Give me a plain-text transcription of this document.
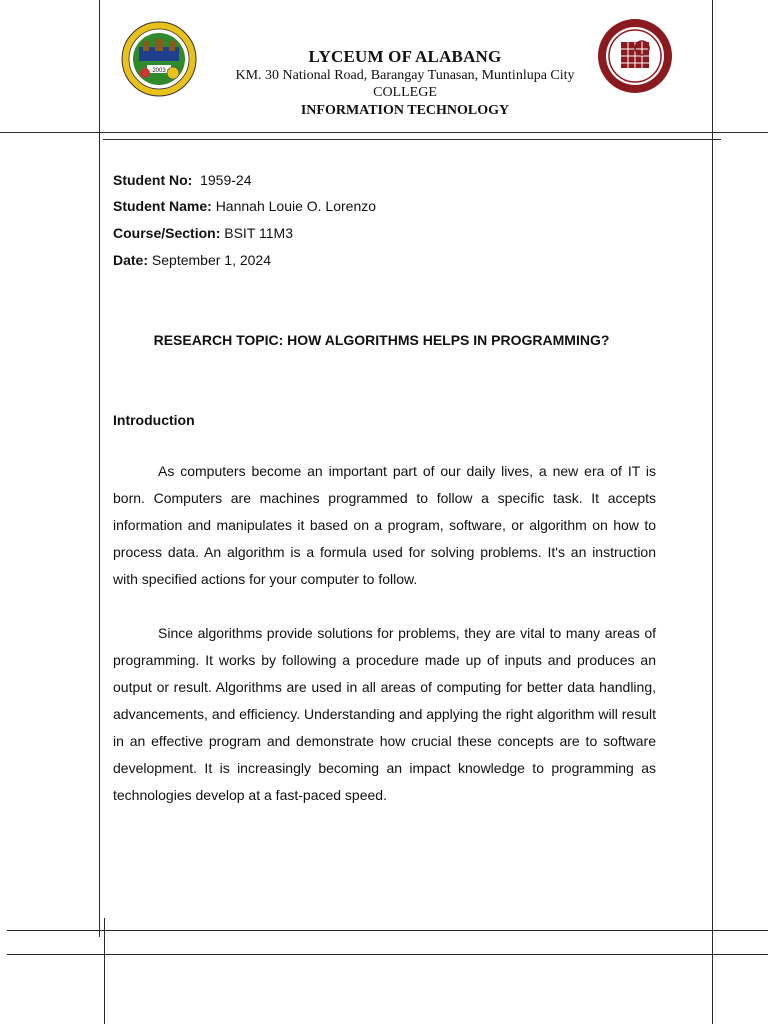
2003
LYCEUM OF ALABANG
KM. 30 National Road, Barangay Tunasan, Muntinlupa City
COLLEGE
INFORMATION TECHNOLOGY
Student No: 1959-24
Student Name: Hannah Louie O. Lorenzo
Course/Section: BSIT 11M3
Date: September 1, 2024
RESEARCH TOPIC: HOW ALGORITHMS HELPS IN PROGRAMMING?
Introduction

As computers become an important part of our daily lives, a new era of IT is born. Computers are machines programmed to follow a specific task. It accepts information and manipulates it based on a program, software, or algorithm on how to process data. An algorithm is a formula used for solving problems. It's an instruction with specified actions for your computer to follow.

Since algorithms provide solutions for problems, they are vital to many areas of programming. It works by following a procedure made up of inputs and produces an output or result. Algorithms are used in all areas of computing for better data handling, advancements, and efficiency. Understanding and applying the right algorithm will result in an effective program and demonstrate how crucial these concepts are to software development. It is increasingly becoming an impact knowledge to programming as technologies develop at a fast-paced speed.
